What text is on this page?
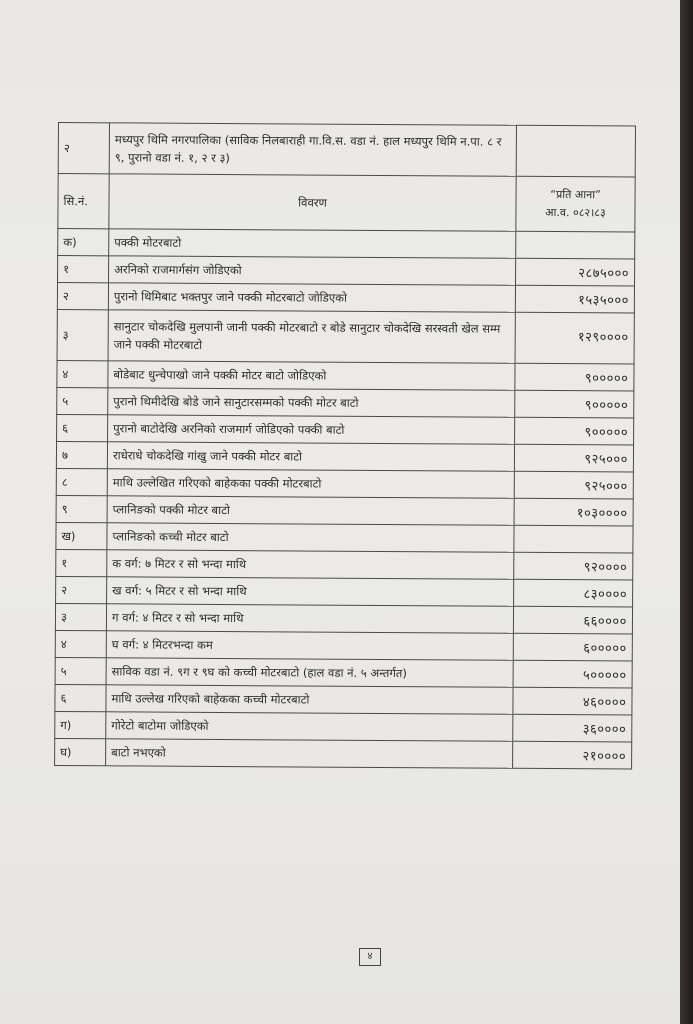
२	मध्यपुर थिमि नगरपालिका (साविक निलबाराही गा.वि.स. वडा नं. हाल मध्यपुर थिमि न.पा. ८ र ९, पुरानो वडा नं. १, २ र ३)	
सि.नं.	विवरण	“प्रति आना”
आ.व. ०८२।८३
क)	पक्की मोटरबाटो	
१	अरनिको राजमार्गसंग जोडिएको	२८७५०००
२	पुरानो थिमिबाट भक्तपुर जाने पक्की मोटरबाटो जोडिएको	१५३५०००
३	सानुटार चोकदेखि मुलपानी जानी पक्की मोटरबाटो र बोडे सानुटार चोकदेखि सरस्वती खेल सम्म जाने पक्की मोटरबाटो	१२९००००
४	बोडेबाट धुन्चेपाखो जाने पक्की मोटर बाटो जोडिएको	९०००००
५	पुरानो थिमीदेखि बोडे जाने सानुटारसम्मको पक्की मोटर बाटो	९०००००
६	पुरानो बाटोदेखि अरनिको राजमार्ग जोडिएको पक्की बाटो	९०००००
७	राधेराधे चोकदेखि गांखु जाने पक्की मोटर बाटो	९२५०००
८	माथि उल्लेखित गरिएको बाहेकका पक्की मोटरबाटो	९२५०००
९	प्लानिङको पक्की मोटर बाटो	१०३००००
ख)	प्लानिङको कच्ची मोटर बाटो	
१	क वर्ग: ७ मिटर र सो भन्दा माथि	९२००००
२	ख वर्ग: ५ मिटर र सो भन्दा माथि	८३००००
३	ग वर्ग: ४ मिटर र सो भन्दा माथि	६६००००
४	घ वर्ग: ४ मिटरभन्दा कम	६०००००
५	साविक वडा नं. ९ग र ९घ को कच्ची मोटरबाटो (हाल वडा नं. ५ अन्तर्गत)	५०००००
६	माथि उल्लेख गरिएको बाहेकका कच्ची मोटरबाटो	४६००००
ग)	गोरेटो बाटोमा जोडिएको	३६००००
घ)	बाटो नभएको	२१००००
४
